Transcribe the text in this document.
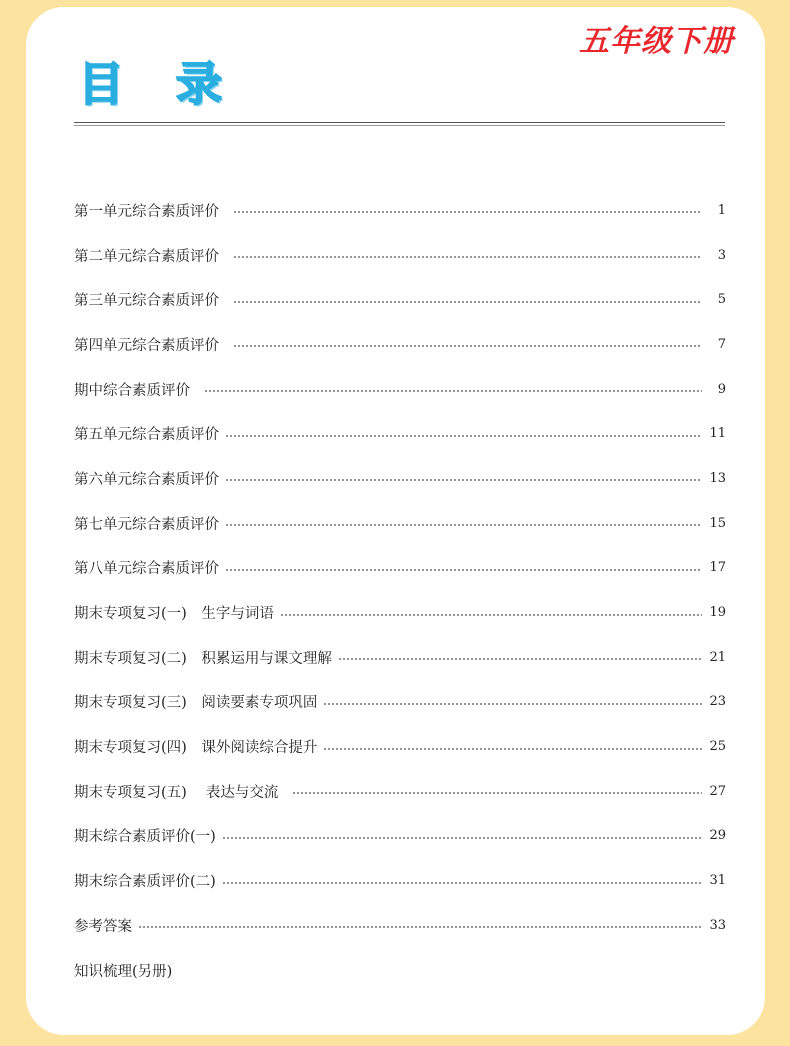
五年级下册
目 录
第一单元综合素质评价	1
第二单元综合素质评价	3
第三单元综合素质评价	5
第四单元综合素质评价	7
期中综合素质评价	9
第五单元综合素质评价	11
第六单元综合素质评价	13
第七单元综合素质评价	15
第八单元综合素质评价	17
期末专项复习(一)　生字与词语	19
期末专项复习(二)　积累运用与课文理解	21
期末专项复习(三)　阅读要素专项巩固	23
期末专项复习(四)　课外阅读综合提升	25
期末专项复习(五)　 表达与交流	27
期末综合素质评价(一)	29
期末综合素质评价(二)	31
参考答案	33
知识梳理(另册)
